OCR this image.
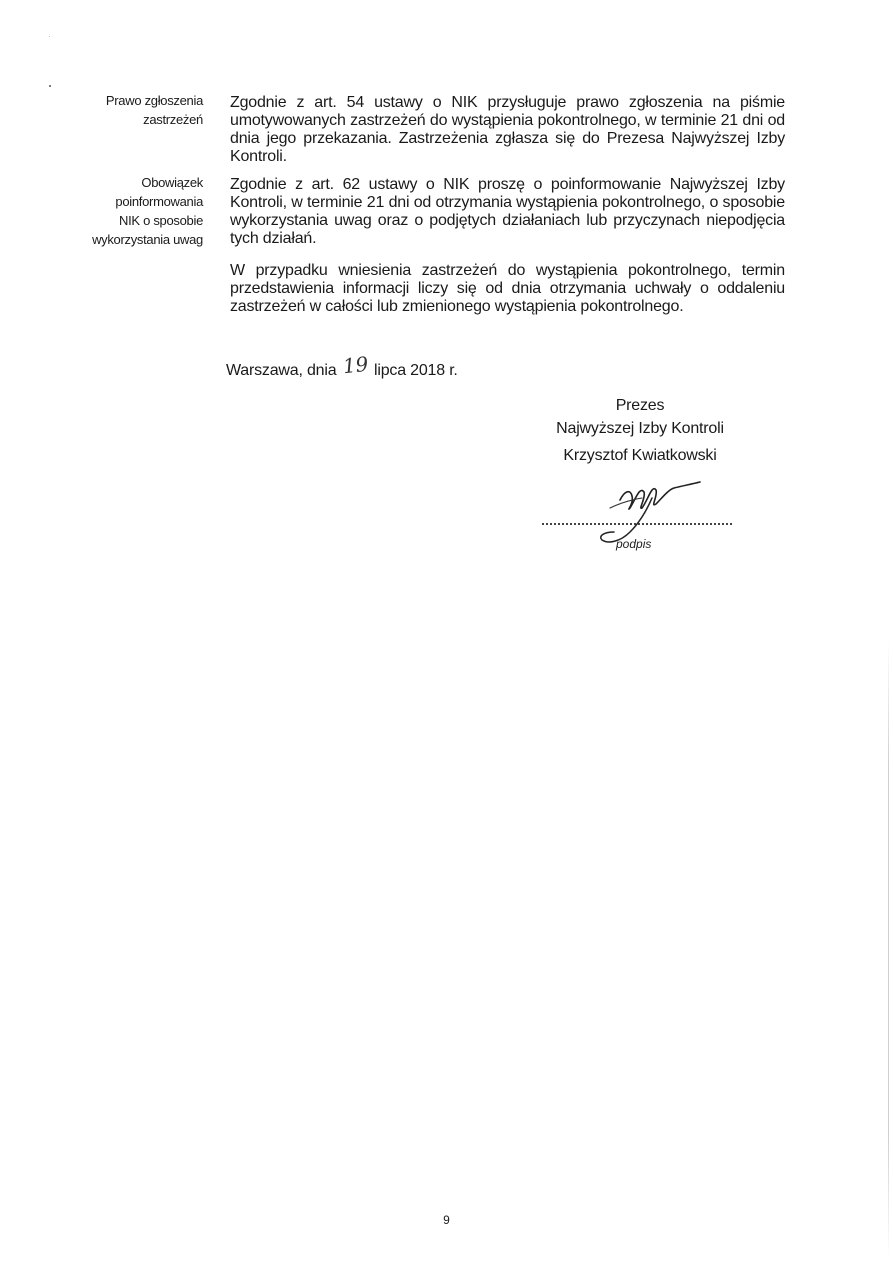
Prawo zgłoszenia
zastrzeżeń
Obowiązek
poinformowania
NIK o sposobie
wykorzystania uwag
Zgodnie z art. 54 ustawy o NIK przysługuje prawo zgłoszenia na piśmie umotywowanych zastrzeżeń do wystąpienia pokontrolnego, w terminie 21 dni od dnia jego przekazania. Zastrzeżenia zgłasza się do Prezesa Najwyższej Izby Kontroli.
Zgodnie z art. 62 ustawy o NIK proszę o poinformowanie Najwyższej Izby Kontroli, w terminie 21 dni od otrzymania wystąpienia pokontrolnego, o sposobie wykorzystania uwag oraz o podjętych działaniach lub przyczynach niepodjęcia tych działań.
W przypadku wniesienia zastrzeżeń do wystąpienia pokontrolnego, termin przedstawienia informacji liczy się od dnia otrzymania uchwały o oddaleniu zastrzeżeń w całości lub zmienionego wystąpienia pokontrolnego.
Warszawa, dnia 19 lipca 2018 r.
Prezes
Najwyższej Izby Kontroli
Krzysztof Kwiatkowski
podpis
9
